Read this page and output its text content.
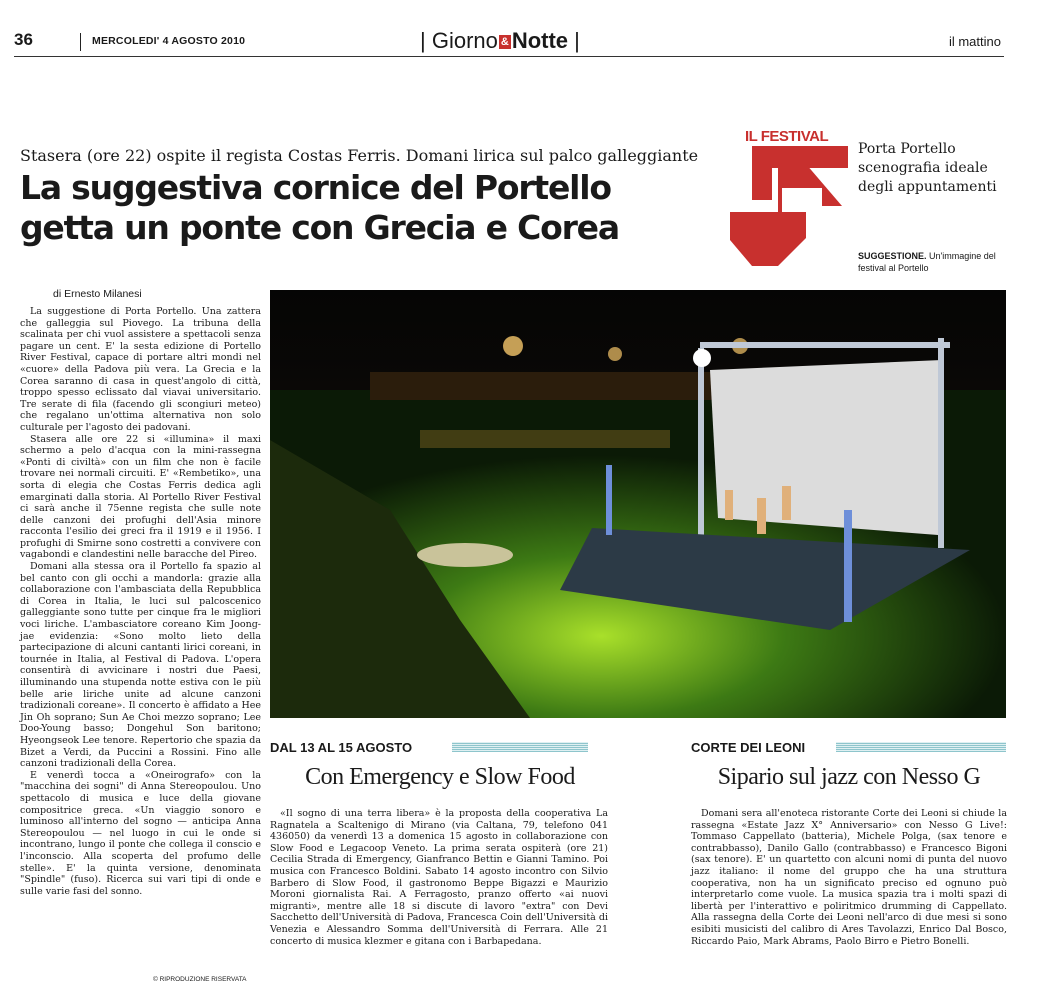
36	MERCOLEDI' 4 AGOSTO 2010	| Giorno & Notte |	il mattino
Stasera (ore 22) ospite il regista Costas Ferris. Domani lirica sul palco galleggiante
La suggestiva cornice del Portello
getta un ponte con Grecia e Corea
IL FESTIVAL
Porta Portello scenografia ideale degli appuntamenti
SUGGESTIONE. Un'immagine del festival al Portello
di Ernesto Milanesi

La suggestione di Porta Portello. Una zattera che galleggia sul Piovego. La tribuna della scalinata per chi vuol assistere a spettacoli senza pagare un cent. E' la sesta edizione di Portello River Festival, capace di portare altri mondi nel «cuore» della Padova più vera. La Grecia e la Corea saranno di casa in quest'angolo di città, troppo spesso eclissato dal viavai universitario. Tre serate di fila (facendo gli scongiuri meteo) che regalano un'ottima alternativa non solo culturale per l'agosto dei padovani.

Stasera alle ore 22 si «illumina» il maxi schermo a pelo d'acqua con la mini-rassegna «Ponti di civiltà» con un film che non è facile trovare nei normali circuiti. E' «Rembetiko», una sorta di elegia che Costas Ferris dedica agli emarginati dalla storia. Al Portello River Festival ci sarà anche il 75enne regista che sulle note delle canzoni dei profughi dell'Asia minore racconta l'esilio dei greci fra il 1919 e il 1956. I profughi di Smirne sono costretti a convivere con vagabondi e clandestini nelle baracche del Pireo.

Domani alla stessa ora il Portello fa spazio al bel canto con gli occhi a mandorla: grazie alla collaborazione con l'ambasciata della Repubblica di Corea in Italia, le luci sul palcoscenico galleggiante sono tutte per cinque fra le migliori voci liriche. L'ambasciatore coreano Kim Joong-jae evidenzia: «Sono molto lieto della partecipazione di alcuni cantanti lirici coreani, in tournée in Italia, al Festival di Padova. L'opera consentirà di avvicinare i nostri due Paesi, illuminando una stupenda notte estiva con le più belle arie liriche unite ad alcune canzoni tradizionali coreane». Il concerto è affidato a Hee Jin Oh soprano; Sun Ae Choi mezzo soprano; Lee Doo-Young basso; Dongehul Son baritono; Hyeongseok Lee tenore. Repertorio che spazia da Bizet a Verdi, da Puccini a Rossini. Fino alle canzoni tradizionali della Corea.

E venerdì tocca a «Oneirografo» con la "macchina dei sogni" di Anna Stereopoulou. Uno spettacolo di musica e luce della giovane compositrice greca. «Un viaggio sonoro e luminoso all'interno del sogno — anticipa Anna Stereopoulou — nel luogo in cui le onde si incontrano, lungo il ponte che collega il conscio e l'inconscio. Alla scoperta del profumo delle stelle». E' la quinta versione, denominata "Spindle" (fuso). Ricerca sui vari tipi di onde e sulle varie fasi del sonno.

© RIPRODUZIONE RISERVATA
DAL 13 AL 15 AGOSTO
Con Emergency e Slow Food

«Il sogno di una terra libera» è la proposta della cooperativa La Ragnatela a Scaltenigo di Mirano (via Caltana, 79, telefono 041 436050) da venerdì 13 a domenica 15 agosto in collaborazione con Slow Food e Legacoop Veneto. La prima serata ospiterà (ore 21) Cecilia Strada di Emergency, Gianfranco Bettin e Gianni Tamino. Poi musica con Francesco Boldini. Sabato 14 agosto incontro con Silvio Barbero di Slow Food, il gastronomo Beppe Bigazzi e Maurizio Moroni giornalista Rai. A Ferragosto, pranzo offerto «ai nuovi migranti», mentre alle 18 si discute di lavoro "extra" con Devi Sacchetto dell'Università di Padova, Francesca Coin dell'Università di Venezia e Alessandro Somma dell'Università di Ferrara. Alle 21 concerto di musica klezmer e gitana con i Barbapedana.

CORTE DEI LEONI
Sipario sul jazz con Nesso G

Domani sera all'enoteca ristorante Corte dei Leoni si chiude la rassegna «Estate Jazz X° Anniversario» con Nesso G Live!: Tommaso Cappellato (batteria), Michele Polga, (sax tenore e contrabbasso), Danilo Gallo (contrabbasso) e Francesco Bigoni (sax tenore). E' un quartetto con alcuni nomi di punta del nuovo jazz italiano: il nome del gruppo che ha una struttura cooperativa, non ha un significato preciso ed ognuno può interpretarlo come vuole. La musica spazia tra i molti spazi di libertà per l'interattivo e poliritmico drumming di Cappellato. Alla rassegna della Corte dei Leoni nell'arco di due mesi si sono esibiti musicisti del calibro di Ares Tavolazzi, Enrico Dal Bosco, Riccardo Paio, Mark Abrams, Paolo Birro e Pietro Bonelli.
